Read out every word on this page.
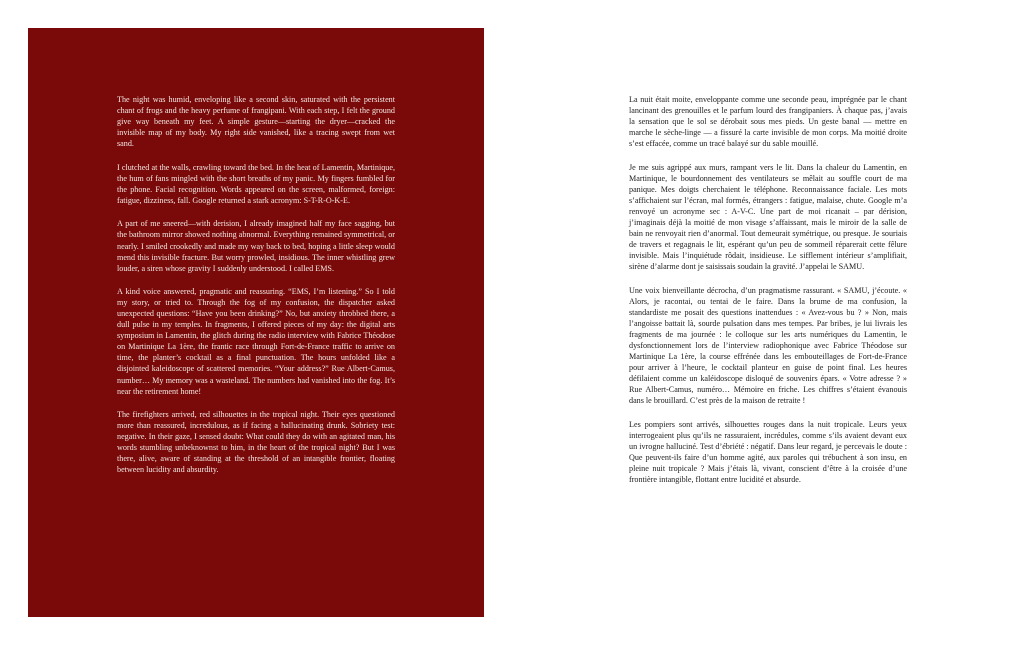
The night was humid, enveloping like a second skin, saturated with the persistent chant of frogs and the heavy perfume of frangipani. With each step, I felt the ground give way beneath my feet. A simple gesture—starting the dryer—cracked the invisible map of my body. My right side vanished, like a tracing swept from wet sand.

I clutched at the walls, crawling toward the bed. In the heat of Lamentin, Martinique, the hum of fans mingled with the short breaths of my panic. My fingers fumbled for the phone. Facial recognition. Words appeared on the screen, malformed, foreign: fatigue, dizziness, fall. Google returned a stark acronym: S-T-R-O-K-E.

A part of me sneered—with derision, I already imagined half my face sagging, but the bathroom mirror showed nothing abnormal. Everything remained symmetrical, or nearly. I smiled crookedly and made my way back to bed, hoping a little sleep would mend this invisible fracture. But worry prowled, insidious. The inner whistling grew louder, a siren whose gravity I suddenly understood. I called EMS.

A kind voice answered, pragmatic and reassuring. “EMS, I’m listening.” So I told my story, or tried to. Through the fog of my confusion, the dispatcher asked unexpected questions: “Have you been drinking?” No, but anxiety throbbed there, a dull pulse in my temples. In fragments, I offered pieces of my day: the digital arts symposium in Lamentin, the glitch during the radio interview with Fabrice Théodose on Martinique La 1ère, the frantic race through Fort-de-France traffic to arrive on time, the planter’s cocktail as a final punctuation. The hours unfolded like a disjointed kaleidoscope of scattered memories. “Your address?” Rue Albert-Camus, number… My memory was a wasteland. The numbers had vanished into the fog. It’s near the retirement home!

The firefighters arrived, red silhouettes in the tropical night. Their eyes questioned more than reassured, incredulous, as if facing a hallucinating drunk. Sobriety test: negative. In their gaze, I sensed doubt: What could they do with an agitated man, his words stumbling unbeknownst to him, in the heart of the tropical night? But I was there, alive, aware of standing at the threshold of an intangible frontier, floating between lucidity and absurdity.

La nuit était moite, enveloppante comme une seconde peau, imprégnée par le chant lancinant des grenouilles et le parfum lourd des frangipaniers. À chaque pas, j’avais la sensation que le sol se dérobait sous mes pieds. Un geste banal — mettre en marche le sèche-linge — a fissuré la carte invisible de mon corps. Ma moitié droite s’est effacée, comme un tracé balayé sur du sable mouillé.

Je me suis agrippé aux murs, rampant vers le lit. Dans la chaleur du Lamentin, en Martinique, le bourdonnement des ventilateurs se mêlait au souffle court de ma panique. Mes doigts cherchaient le téléphone. Reconnaissance faciale. Les mots s’affichaient sur l’écran, mal formés, étrangers : fatigue, malaise, chute. Google m’a renvoyé un acronyme sec : A-V-C. Une part de moi ricanait – par dérision, j’imaginais déjà la moitié de mon visage s’affaissant, mais le miroir de la salle de bain ne renvoyait rien d’anormal. Tout demeurait symétrique, ou presque. Je souriais de travers et regagnais le lit, espérant qu’un peu de sommeil réparerait cette fêlure invisible. Mais l’inquiétude rôdait, insidieuse. Le sifflement intérieur s’amplifiait, sirène d’alarme dont je saisissais soudain la gravité. J’appelai le SAMU.

Une voix bienveillante décrocha, d’un pragmatisme rassurant. « SAMU, j’écoute. « Alors, je racontai, ou tentai de le faire. Dans la brume de ma confusion, la standardiste me posait des questions inattendues : « Avez-vous bu ? » Non, mais l’angoisse battait là, sourde pulsation dans mes tempes. Par bribes, je lui livrais les fragments de ma journée : le colloque sur les arts numériques du Lamentin, le dysfonctionnement lors de l’interview radiophonique avec Fabrice Théodose sur Martinique La 1ère, la course effrénée dans les embouteillages de Fort-de-France pour arriver à l’heure, le cocktail planteur en guise de point final. Les heures défilaient comme un kaléidoscope disloqué de souvenirs épars. « Votre adresse ? » Rue Albert-Camus, numéro… Mémoire en friche. Les chiffres s’étaient évanouis dans le brouillard. C’est près de la maison de retraite !

Les pompiers sont arrivés, silhouettes rouges dans la nuit tropicale. Leurs yeux interrogeaient plus qu’ils ne rassuraient, incrédules, comme s’ils avaient devant eux un ivrogne halluciné. Test d’ébriété : négatif. Dans leur regard, je percevais le doute : Que peuvent-ils faire d’un homme agité, aux paroles qui trébuchent à son insu, en pleine nuit tropicale ? Mais j’étais là, vivant, conscient d’être à la croisée d’une frontière intangible, flottant entre lucidité et absurde.
